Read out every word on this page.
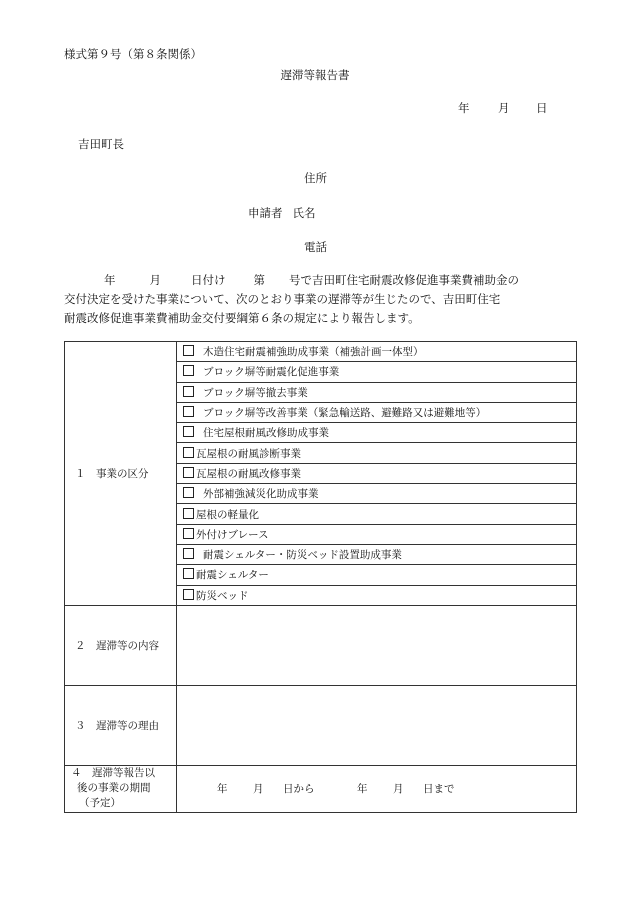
様式第９号（第８条関係）
遅滞等報告書
年 月 日
吉田町長
住所
申請者 氏名
電話
年	月	日付け 第 号で吉田町住宅耐震改修促進事業費補助金の
交付決定を受けた事業について、次のとおり事業の遅滞等が生じたので、吉田町住宅
耐震改修促進事業費補助金交付要綱第６条の規定により報告します。
１　事業の区分	木造住宅耐震補強助成事業（補強計画一体型）
	ブロック塀等耐震化促進事業
	ブロック塀等撤去事業
	ブロック塀等改善事業（緊急輸送路、避難路又は避難地等）
	住宅屋根耐風改修助成事業
	瓦屋根の耐風診断事業
	瓦屋根の耐風改修事業
	外部補強減災化助成事業
	屋根の軽量化
	外付けブレース
	耐震シェルター・防災ベッド設置助成事業
	耐震シェルター
	防災ベッド

２　遅滞等の内容	

３　遅滞等の理由	

４　遅滞等報告以
後の事業の期間
（予定）	年 月 日から 年 月 日まで
